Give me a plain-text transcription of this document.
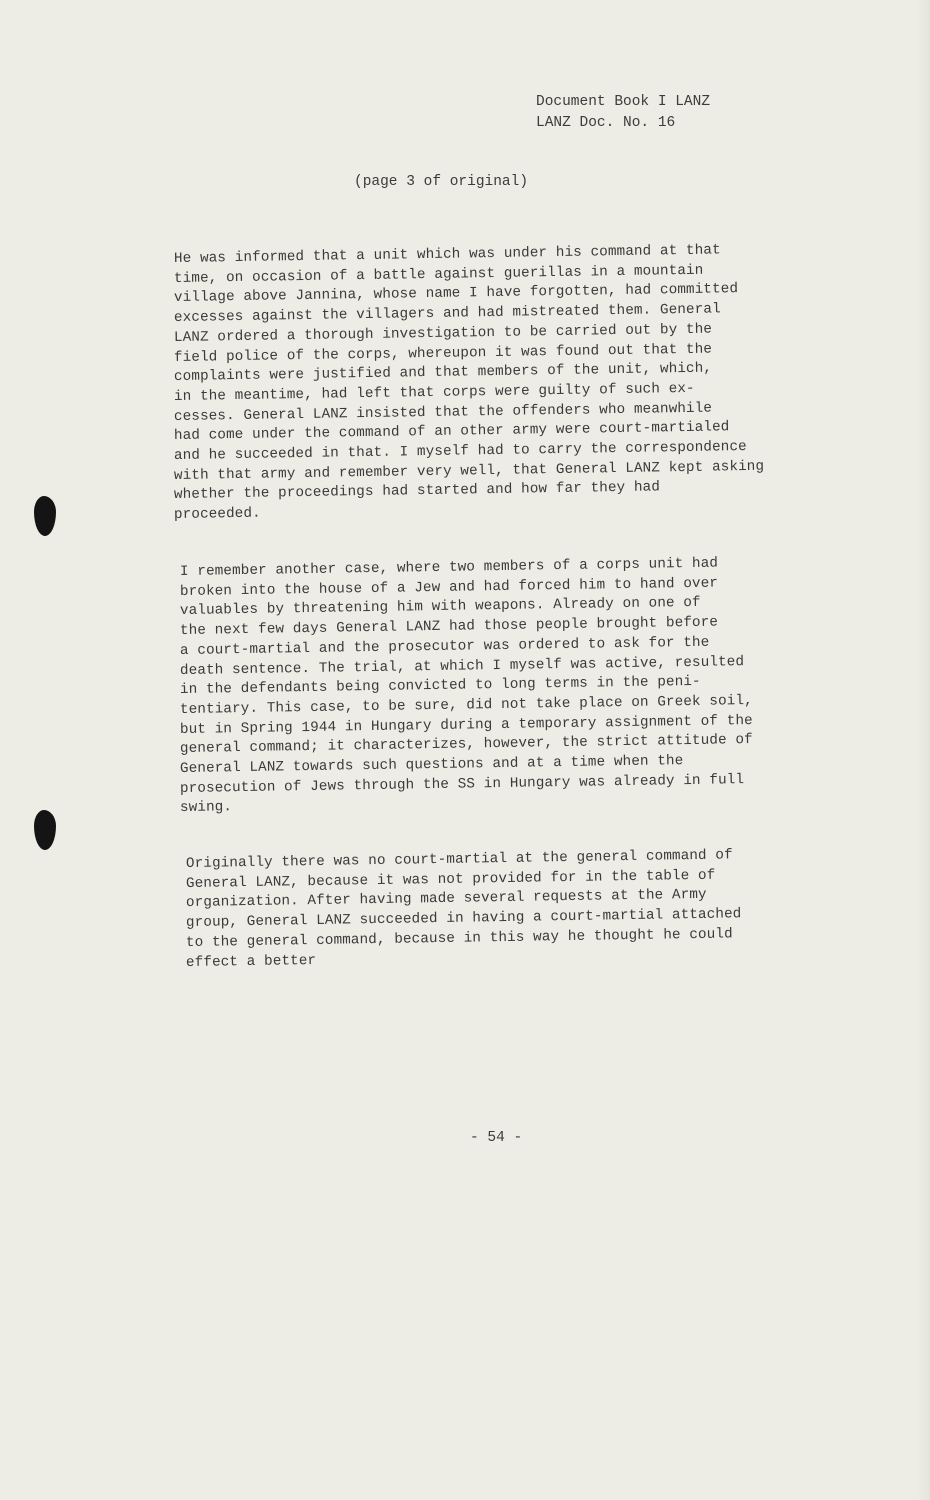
Document Book I LANZ
LANZ Doc. No. 16
(page 3 of original)
He was informed that a unit which was under his command at that
time, on occasion of a battle against guerillas in a mountain
village above Jannina, whose name I have forgotten, had committed
excesses against the villagers and had mistreated them. General
LANZ ordered a thorough investigation to be carried out by the
field police of the corps, whereupon it was found out that the
complaints were justified and that members of the unit, which,
in the meantime, had left that corps were guilty of such ex-
cesses. General LANZ insisted that the offenders who meanwhile
had come under the command of an other army were court-martialed
and he succeeded in that. I myself had to carry the correspondence
with that army and remember very well, that General LANZ kept asking
whether the proceedings had started and how far they had
proceeded.
I remember another case, where two members of a corps unit had
broken into the house of a Jew and had forced him to hand over
valuables by threatening him with weapons. Already on one of
the next few days General LANZ had those people brought before
a court-martial and the prosecutor was ordered to ask for the
death sentence. The trial, at which I myself was active, resulted
in the defendants being convicted to long terms in the peni-
tentiary. This case, to be sure, did not take place on Greek soil,
but in Spring 1944 in Hungary during a temporary assignment of the
general command; it characterizes, however, the strict attitude of
General LANZ towards such questions and at a time when the
prosecution of Jews through the SS in Hungary was already in full
swing.
Originally there was no court-martial at the general command of
General LANZ, because it was not provided for in the table of
organization. After having made several requests at the Army
group, General LANZ succeeded in having a court-martial attached
to the general command, because in this way he thought he could
effect a better
- 54 -
